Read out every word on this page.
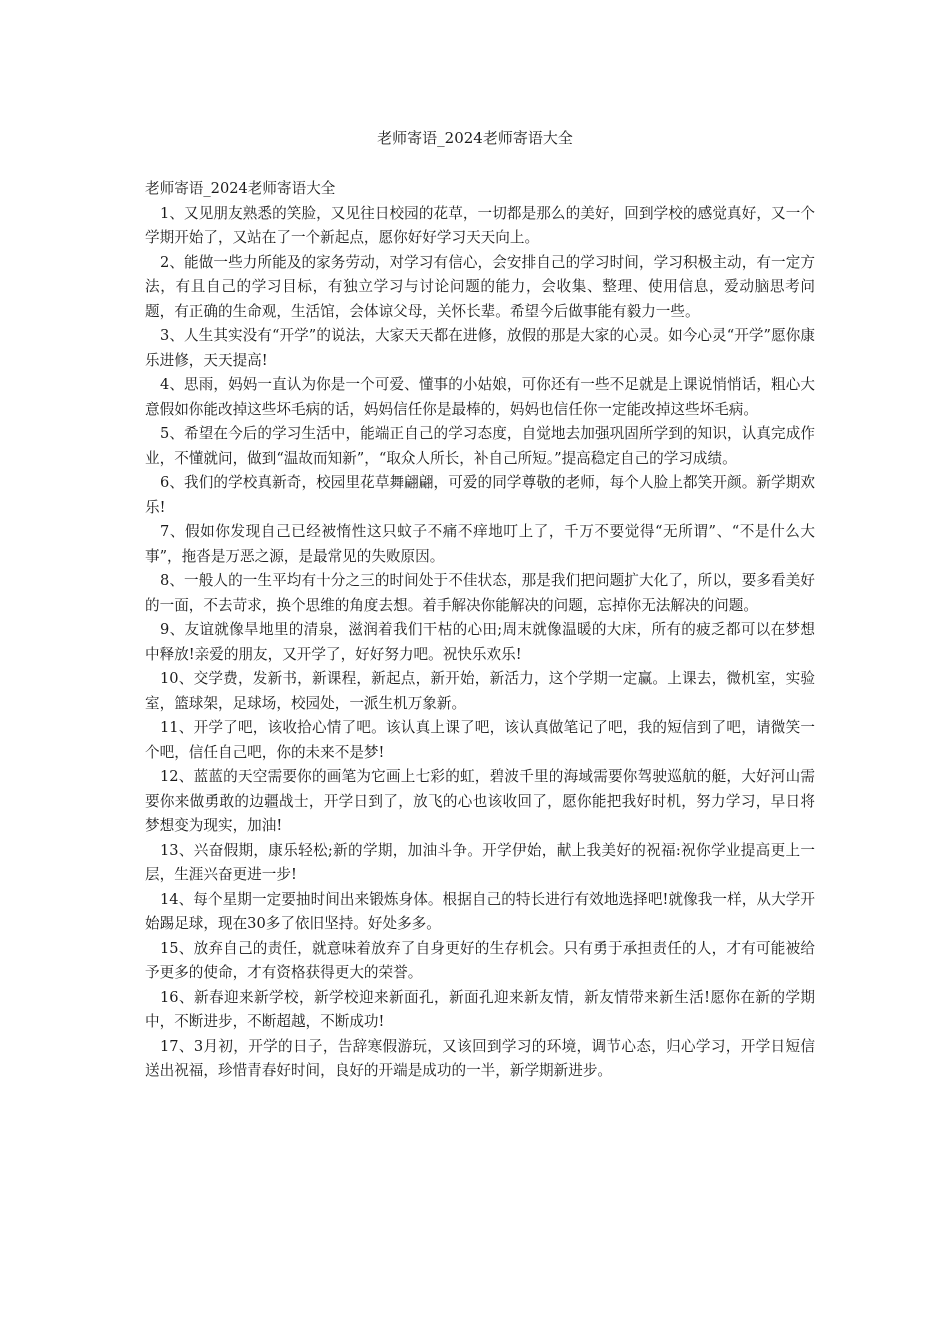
老师寄语_2024老师寄语大全

老师寄语_2024老师寄语大全

1、又见朋友熟悉的笑脸，又见往日校园的花草，一切都是那么的美好，回到学校的感觉真好，又一个学期开始了，又站在了一个新起点，愿你好好学习天天向上。

2、能做一些力所能及的家务劳动，对学习有信心，会安排自己的学习时间，学习积极主动，有一定方法，有且自己的学习目标，有独立学习与讨论问题的能力，会收集、整理、使用信息，爱动脑思考问题，有正确的生命观，生活馆，会体谅父母，关怀长辈。希望今后做事能有毅力一些。

3、人生其实没有“开学”的说法，大家天天都在进修，放假的那是大家的心灵。如今心灵“开学”愿你康乐进修，天天提高!

4、思雨，妈妈一直认为你是一个可爱、懂事的小姑娘，可你还有一些不足就是上课说悄悄话，粗心大意假如你能改掉这些坏毛病的话，妈妈信任你是最棒的，妈妈也信任你一定能改掉这些坏毛病。

5、希望在今后的学习生活中，能端正自己的学习态度，自觉地去加强巩固所学到的知识，认真完成作业，不懂就问，做到“温故而知新”，“取众人所长，补自己所短。”提高稳定自己的学习成绩。

6、我们的学校真新奇，校园里花草舞翩翩，可爱的同学尊敬的老师，每个人脸上都笑开颜。新学期欢乐!

7、假如你发现自己已经被惰性这只蚊子不痛不痒地叮上了，千万不要觉得“无所谓”、“不是什么大事”，拖沓是万恶之源，是最常见的失败原因。

8、一般人的一生平均有十分之三的时间处于不佳状态，那是我们把问题扩大化了，所以，要多看美好的一面，不去苛求，换个思维的角度去想。着手解决你能解决的问题，忘掉你无法解决的问题。

9、友谊就像旱地里的清泉，滋润着我们干枯的心田;周末就像温暖的大床，所有的疲乏都可以在梦想中释放!亲爱的朋友，又开学了，好好努力吧。祝快乐欢乐!

10、交学费，发新书，新课程，新起点，新开始，新活力，这个学期一定赢。上课去，微机室，实验室，篮球架，足球场，校园处，一派生机万象新。

11、开学了吧，该收拾心情了吧。该认真上课了吧，该认真做笔记了吧，我的短信到了吧，请微笑一个吧，信任自己吧，你的未来不是梦!

12、蓝蓝的天空需要你的画笔为它画上七彩的虹，碧波千里的海域需要你驾驶巡航的艇，大好河山需要你来做勇敢的边疆战士，开学日到了，放飞的心也该收回了，愿你能把我好时机，努力学习，早日将梦想变为现实，加油!

13、兴奋假期，康乐轻松;新的学期，加油斗争。开学伊始，献上我美好的祝福:祝你学业提高更上一层，生涯兴奋更进一步!

14、每个星期一定要抽时间出来锻炼身体。根据自己的特长进行有效地选择吧!就像我一样，从大学开始踢足球，现在30多了依旧坚持。好处多多。

15、放弃自己的责任，就意味着放弃了自身更好的生存机会。只有勇于承担责任的人，才有可能被给予更多的使命，才有资格获得更大的荣誉。

16、新春迎来新学校，新学校迎来新面孔，新面孔迎来新友情，新友情带来新生活!愿你在新的学期中，不断进步，不断超越，不断成功!

17、3月初，开学的日子，告辞寒假游玩，又该回到学习的环境，调节心态，归心学习，开学日短信送出祝福，珍惜青春好时间，良好的开端是成功的一半，新学期新进步。
